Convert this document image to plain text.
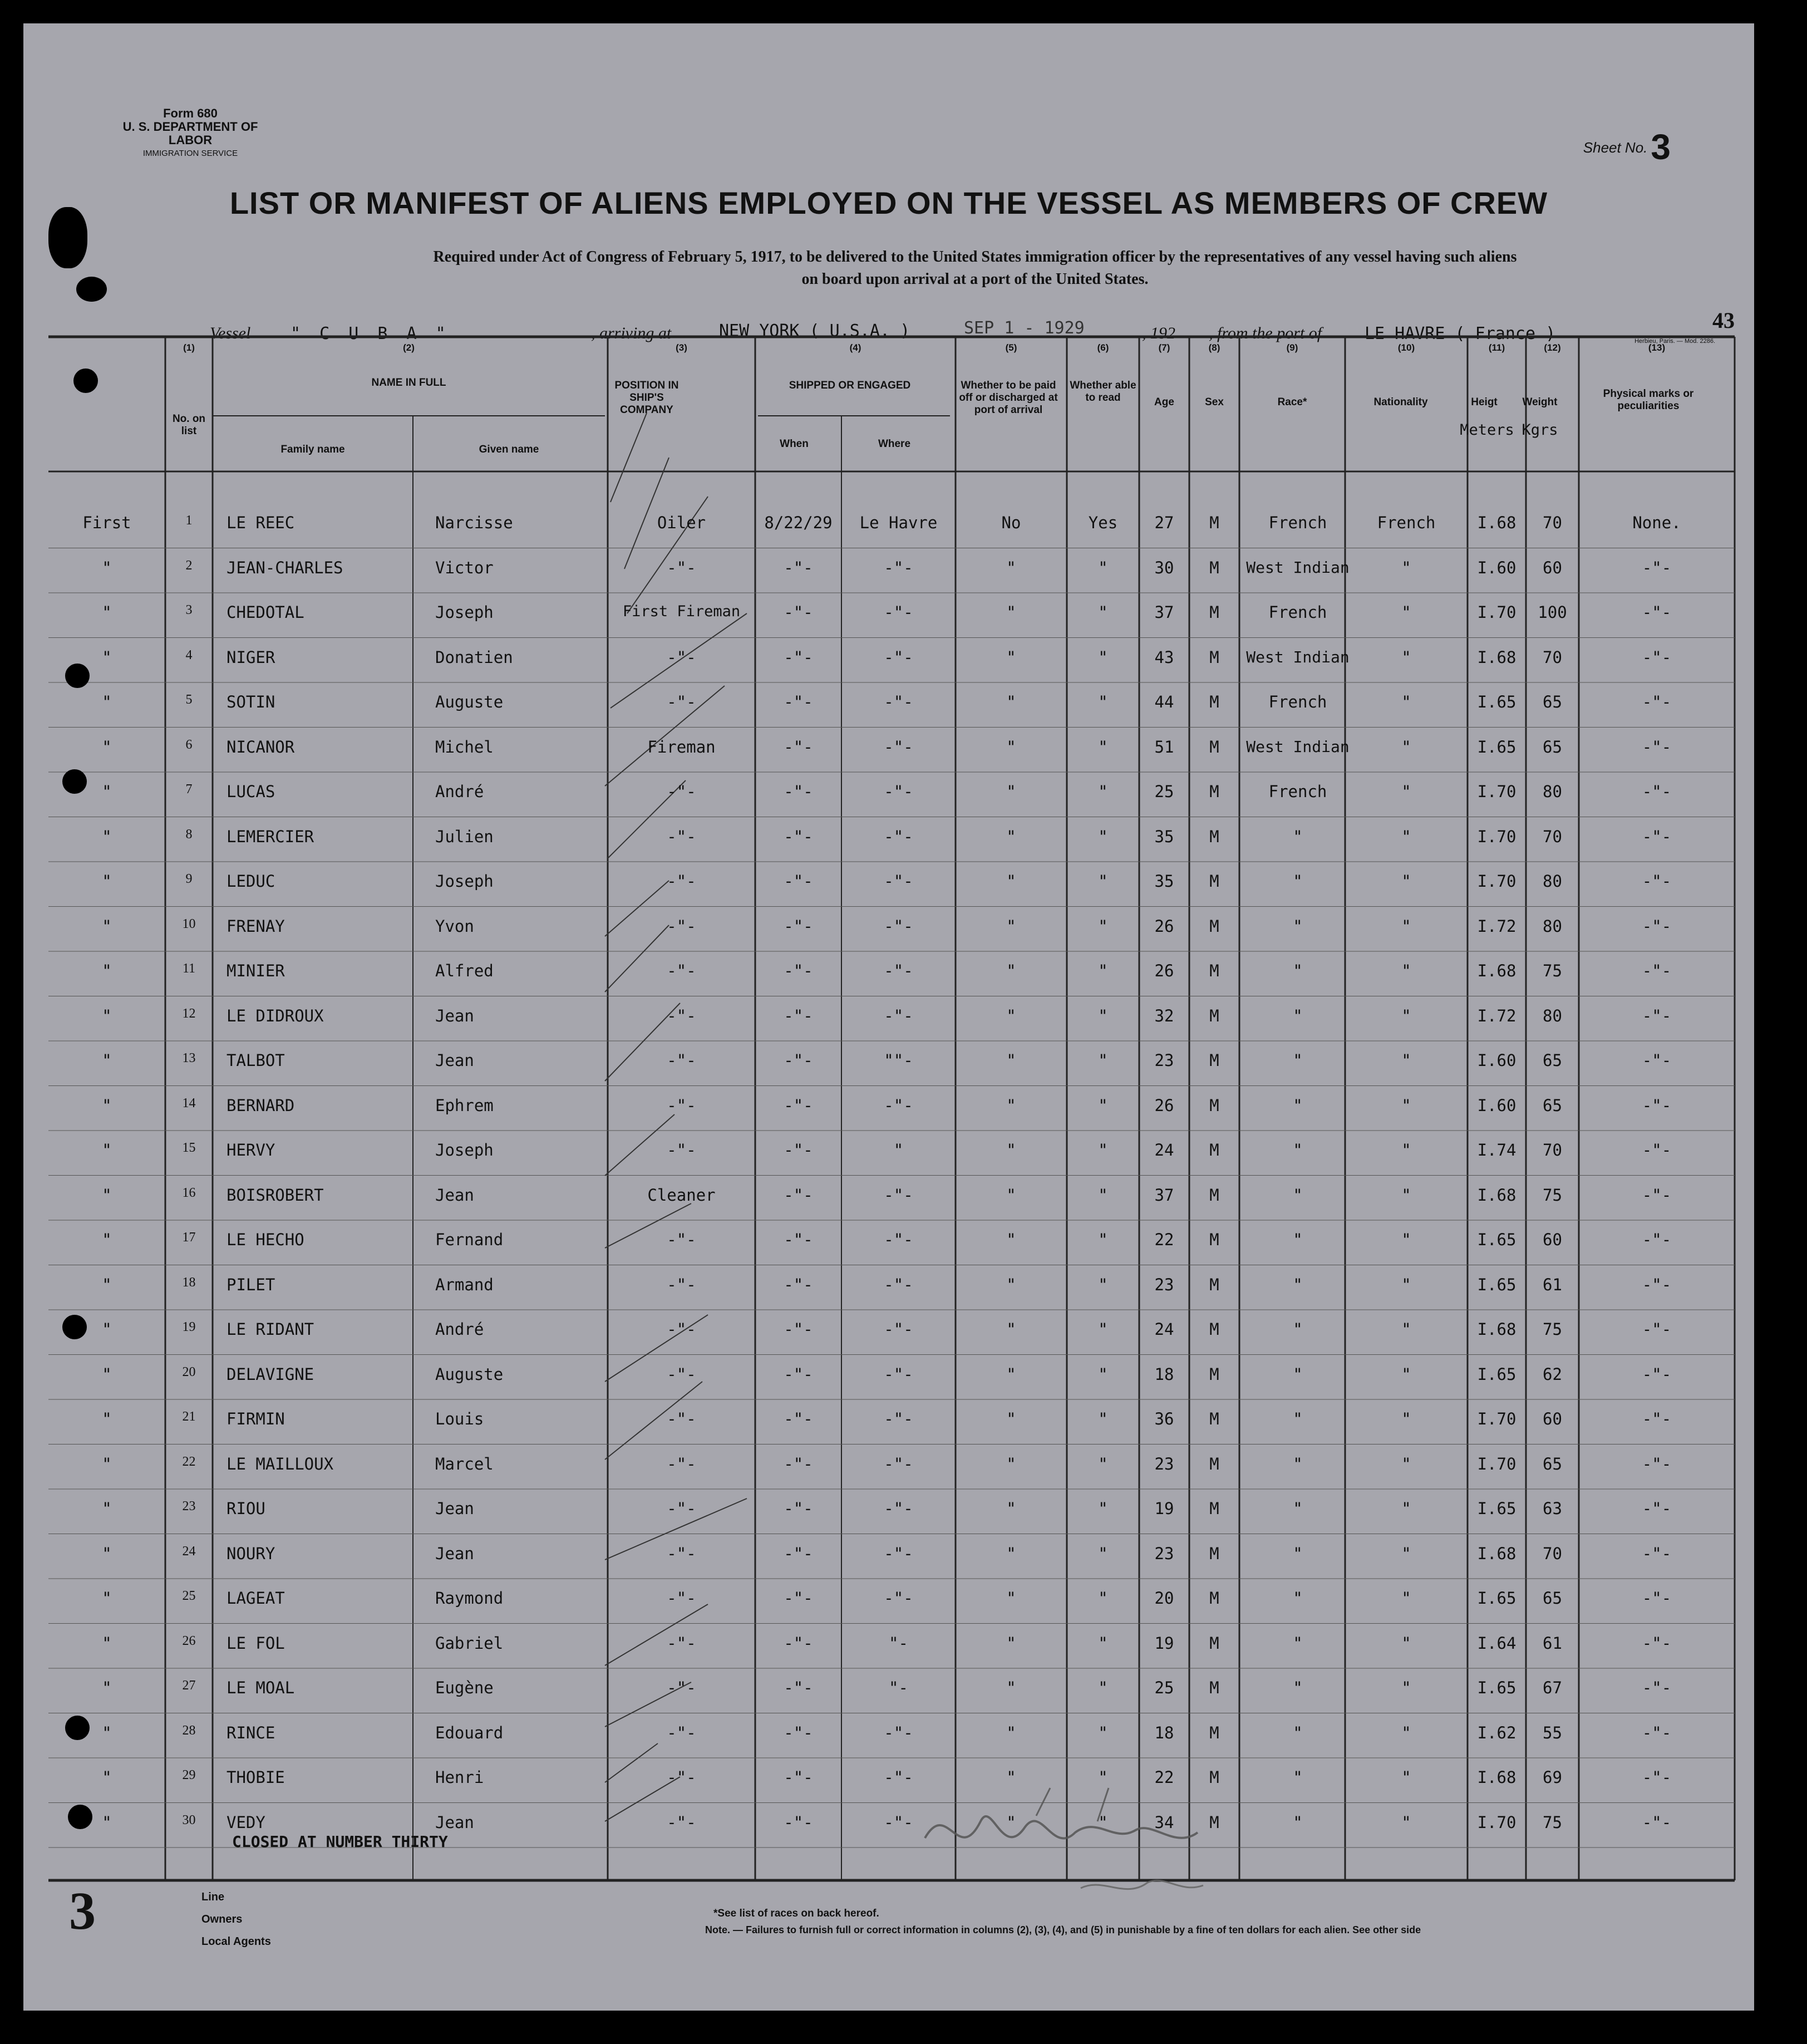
Form 680
U. S. DEPARTMENT OF LABOR
IMMIGRATION SERVICE	Sheet No.3
LIST OR MANIFEST OF ALIENS EMPLOYED ON THE VESSEL AS MEMBERS OF CREW
Required under Act of Congress of February 5, 1917, to be delivered to the United States immigration officer by the representatives of any vessel having such aliens
on board upon arrival at a port of the United States.
Vessel " C U B A "	, arriving at	NEW YORK ( U.S.A. )	SEP 1 - 1929	, 192 , from the port of	LE HAVRE ( France )	Herbieu, Paris. — Mod. 2286.
43
No. on list
NAME IN FULL
Family name	Given name
POSITION IN SHIP'S COMPANY
SHIPPED OR ENGAGED
When	Where
Whether to be paid off or discharged at port of arrival
Whether able to read	Age	Sex	Race*	Nationality	Heigt	Weight
Meters Kgrs
Physical marks or peculiarities
(1)	(2)	(3)	(4)	(5)	(6)	(7)	(8)	(9)	(10)	(11)	(12)	(13)
First	1	LE REEC	Narcisse	Oiler	8/22/29	Le Havre	No	Yes	27	M	French	French	I.68	70	None.
"	2	JEAN-CHARLES	Victor	-"-	-"-	-"-	"	"	30	M	West Indian	"	I.60	60	-"-
"	3	CHEDOTAL	Joseph	First Fireman	-"-	-"-	"	"	37	M	French	"	I.70	100	-"-
"	4	NIGER	Donatien	-"-	-"-	-"-	"	"	43	M	West Indian	"	I.68	70	-"-
"	5	SOTIN	Auguste	-"-	-"-	-"-	"	"	44	M	French	"	I.65	65	-"-
"	6	NICANOR	Michel	Fireman	-"-	-"-	"	"	51	M	West Indian	"	I.65	65	-"-
"	7	LUCAS	André	-"-	-"-	-"-	"	"	25	M	French	"	I.70	80	-"-
"	8	LEMERCIER	Julien	-"-	-"-	-"-	"	"	35	M	"	"	I.70	70	-"-
"	9	LEDUC	Joseph	-"-	-"-	-"-	"	"	35	M	"	"	I.70	80	-"-
"	10	FRENAY	Yvon	-"-	-"-	-"-	"	"	26	M	"	"	I.72	80	-"-
"	11	MINIER	Alfred	-"-	-"-	-"-	"	"	26	M	"	"	I.68	75	-"-
"	12	LE DIDROUX	Jean	-"-	-"-	-"-	"	"	32	M	"	"	I.72	80	-"-
"	13	TALBOT	Jean	-"-	-"-	""-	"	"	23	M	"	"	I.60	65	-"-
"	14	BERNARD	Ephrem	-"-	-"-	-"-	"	"	26	M	"	"	I.60	65	-"-
"	15	HERVY	Joseph	-"-	-"-	"	"	"	24	M	"	"	I.74	70	-"-
"	16	BOISROBERT	Jean	Cleaner	-"-	-"-	"	"	37	M	"	"	I.68	75	-"-
"	17	LE HECHO	Fernand	-"-	-"-	-"-	"	"	22	M	"	"	I.65	60	-"-
"	18	PILET	Armand	-"-	-"-	-"-	"	"	23	M	"	"	I.65	61	-"-
"	19	LE RIDANT	André	-"-	-"-	-"-	"	"	24	M	"	"	I.68	75	-"-
"	20	DELAVIGNE	Auguste	-"-	-"-	-"-	"	"	18	M	"	"	I.65	62	-"-
"	21	FIRMIN	Louis	-"-	-"-	-"-	"	"	36	M	"	"	I.70	60	-"-
"	22	LE MAILLOUX	Marcel	-"-	-"-	-"-	"	"	23	M	"	"	I.70	65	-"-
"	23	RIOU	Jean	-"-	-"-	-"-	"	"	19	M	"	"	I.65	63	-"-
"	24	NOURY	Jean	-"-	-"-	-"-	"	"	23	M	"	"	I.68	70	-"-
"	25	LAGEAT	Raymond	-"-	-"-	-"-	"	"	20	M	"	"	I.65	65	-"-
"	26	LE FOL	Gabriel	-"-	-"-	"-	"	"	19	M	"	"	I.64	61	-"-
"	27	LE MOAL	Eugène	-"-	-"-	"-	"	"	25	M	"	"	I.65	67	-"-
"	28	RINCE	Edouard	-"-	-"-	-"-	"	"	18	M	"	"	I.62	55	-"-
"	29	THOBIE	Henri	-"-	-"-	-"-	"	"	22	M	"	"	I.68	69	-"-
"	30	VEDY	Jean	-"-	-"-	-"-	"	"	34	M	"	"	I.70	75	-"-
CLOSED AT NUMBER THIRTY
Line
Owners
Local Agents
*See list of races on back hereof.
Note. — Failures to furnish full or correct information in columns (2), (3), (4), and (5) in punishable by a fine of ten dollars for each alien. See other side
3
